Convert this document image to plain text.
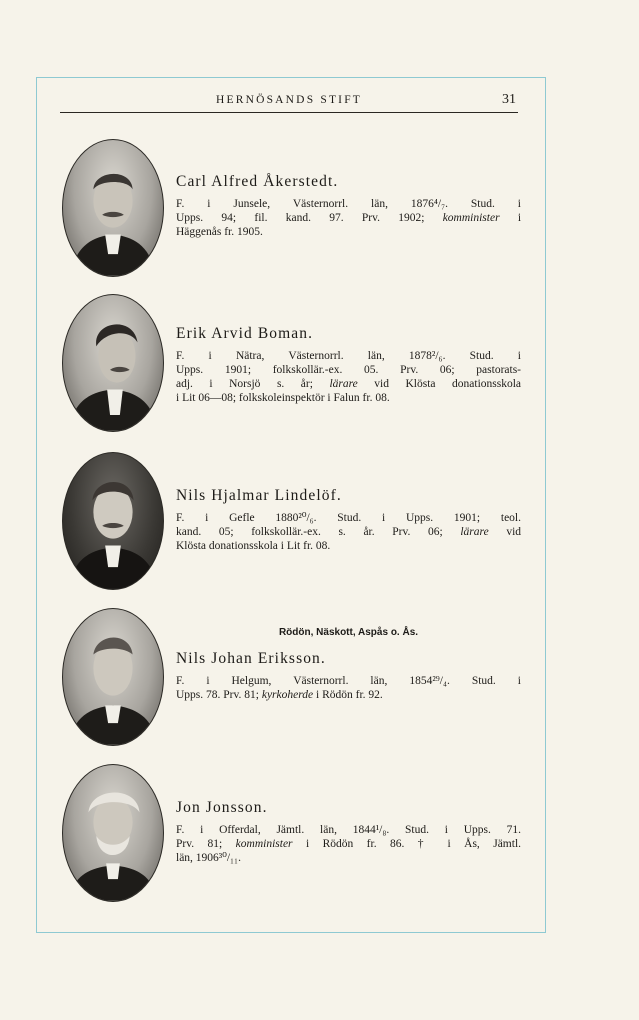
HERNÖSANDS STIFT	31

Carl Alfred Åkerstedt.

F. i Junsele, Västernorrl. län, 1876⁴/₇. Stud. i
Upps. 94; fil. kand. 97. Prv. 1902; komminister i
Häggenås fr. 1905.

Erik Arvid Boman.

F. i Nätra, Västernorrl. län, 1878²/₆. Stud. i
Upps. 1901; folkskollär.-ex. 05. Prv. 06; pastorats-
adj. i Norsjö s. år; lärare vid Klösta donationsskola
i Lit 06—08; folkskoleinspektör i Falun fr. 08.

Nils Hjalmar Lindelöf.

F. i Gefle 1880²⁰/₆. Stud. i Upps. 1901; teol.
kand. 05; folkskollär.-ex. s. år. Prv. 06; lärare vid
Klösta donationsskola i Lit fr. 08.

Rödön, Näskott, Aspås o. Ås.

Nils Johan Eriksson.

F. i Helgum, Västernorrl. län, 1854²⁹/₄. Stud. i
Upps. 78. Prv. 81; kyrkoherde i Rödön fr. 92.

Jon Jonsson.

F. i Offerdal, Jämtl. län, 1844¹/₈. Stud. i Upps. 71.
Prv. 81; komminister i Rödön fr. 86. † i Ås, Jämtl.
län, 1906³⁰/₁₁.
